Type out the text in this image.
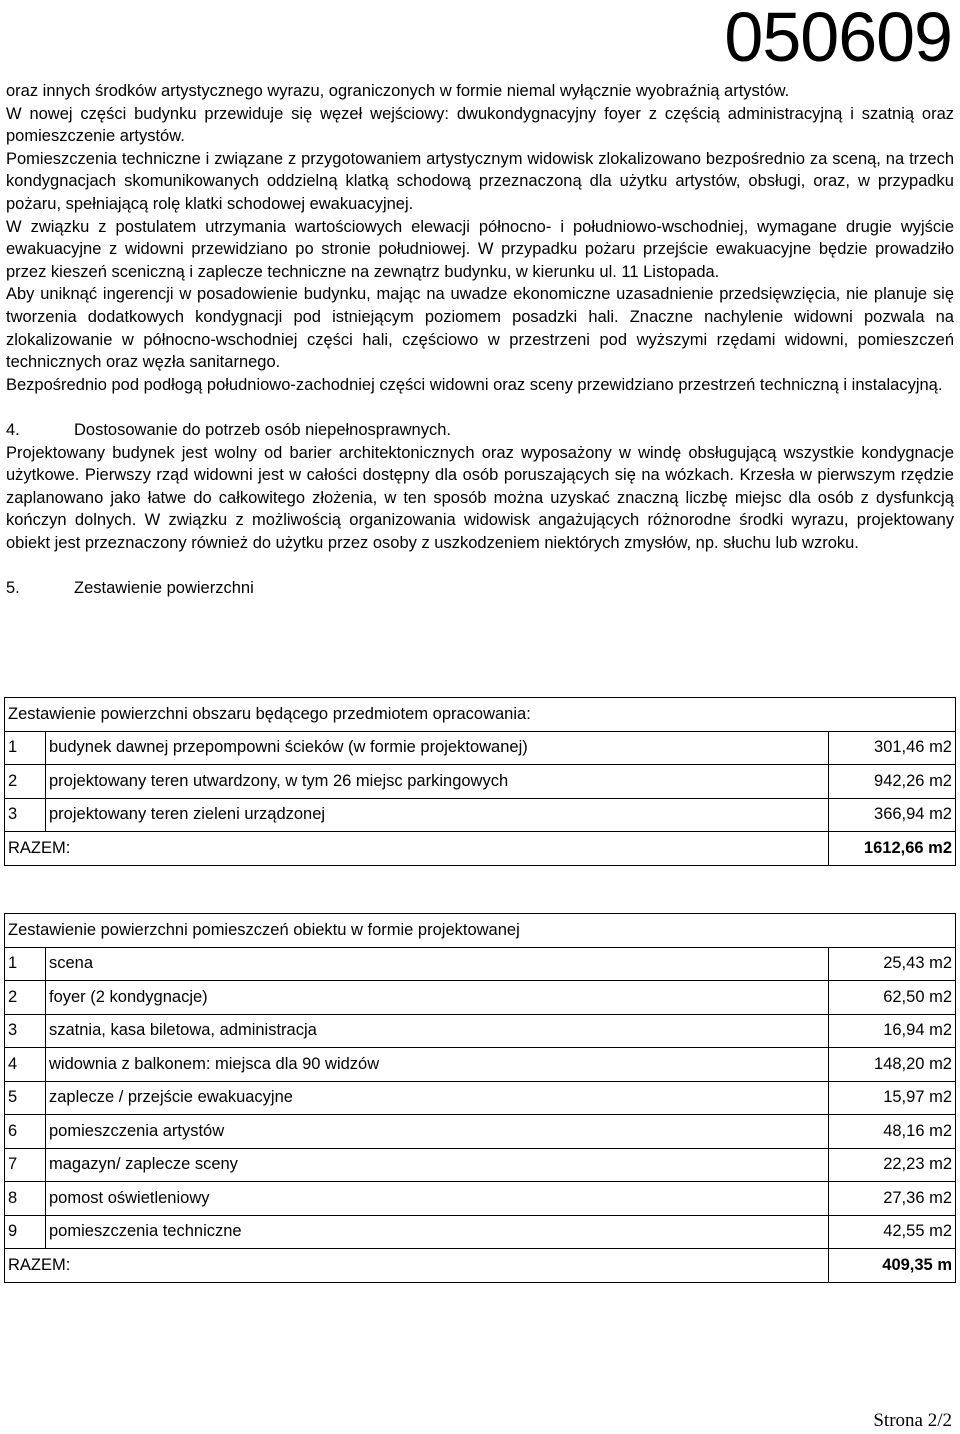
050609

oraz innych środków artystycznego wyrazu, ograniczonych w formie niemal wyłącznie wyobraźnią artystów.

W nowej części budynku przewiduje się węzeł wejściowy: dwukondygnacyjny foyer z częścią administracyjną i szatnią oraz pomieszczenie artystów.

Pomieszczenia techniczne i związane z przygotowaniem artystycznym widowisk zlokalizowano bezpośrednio za sceną, na trzech kondygnacjach skomunikowanych oddzielną klatką schodową przeznaczoną dla użytku artystów, obsługi, oraz, w przypadku pożaru, spełniającą rolę klatki schodowej ewakuacyjnej.

W związku z postulatem utrzymania wartościowych elewacji północno- i południowo-wschodniej, wymagane drugie wyjście ewakuacyjne z widowni przewidziano po stronie południowej. W przypadku pożaru przejście ewakuacyjne będzie prowadziło przez kieszeń sceniczną i zaplecze techniczne na zewnątrz budynku, w kierunku ul. 11 Listopada.

Aby uniknąć ingerencji w posadowienie budynku, mając na uwadze ekonomiczne uzasadnienie przedsięwzięcia, nie planuje się tworzenia dodatkowych kondygnacji pod istniejącym poziomem posadzki hali. Znaczne nachylenie widowni pozwala na zlokalizowanie w północno-wschodniej części hali, częściowo w przestrzeni pod wyższymi rzędami widowni, pomieszczeń technicznych oraz węzła sanitarnego.

Bezpośrednio pod podłogą południowo-zachodniej części widowni oraz sceny przewidziano przestrzeń techniczną i instalacyjną.

4.	Dostosowanie do potrzeb osób niepełnosprawnych.

Projektowany budynek jest wolny od barier architektonicznych oraz wyposażony w windę obsługującą wszystkie kondygnacje użytkowe. Pierwszy rząd widowni jest w całości dostępny dla osób poruszających się na wózkach. Krzesła w pierwszym rzędzie zaplanowano jako łatwe do całkowitego złożenia, w ten sposób można uzyskać znaczną liczbę miejsc dla osób z dysfunkcją kończyn dolnych. W związku z możliwością organizowania widowisk angażujących różnorodne środki wyrazu, projektowany obiekt jest przeznaczony również do użytku przez osoby z uszkodzeniem niektórych zmysłów, np. słuchu lub wzroku.

5.	Zestawienie powierzchni

Zestawienie powierzchni obszaru będącego przedmiotem opracowania:		
1	budynek dawnej przepompowni ścieków (w formie projektowanej)	301,46 m2
2	projektowany teren utwardzony, w tym 26 miejsc parkingowych	942,26 m2
3	projektowany teren zieleni urządzonej	366,94 m2
RAZEM:		1612,66 m2
Zestawienie powierzchni pomieszczeń obiektu w formie projektowanej		
1	scena	25,43 m2
2	foyer (2 kondygnacje)	62,50 m2
3	szatnia, kasa biletowa, administracja	16,94 m2
4	widownia z balkonem: miejsca dla 90 widzów	148,20 m2
5	zaplecze / przejście ewakuacyjne	15,97 m2
6	pomieszczenia artystów	48,16 m2
7	magazyn/ zaplecze sceny	22,23 m2
8	pomost oświetleniowy	27,36 m2
9	pomieszczenia techniczne	42,55 m2
RAZEM:		409,35 m
Strona 2/2
